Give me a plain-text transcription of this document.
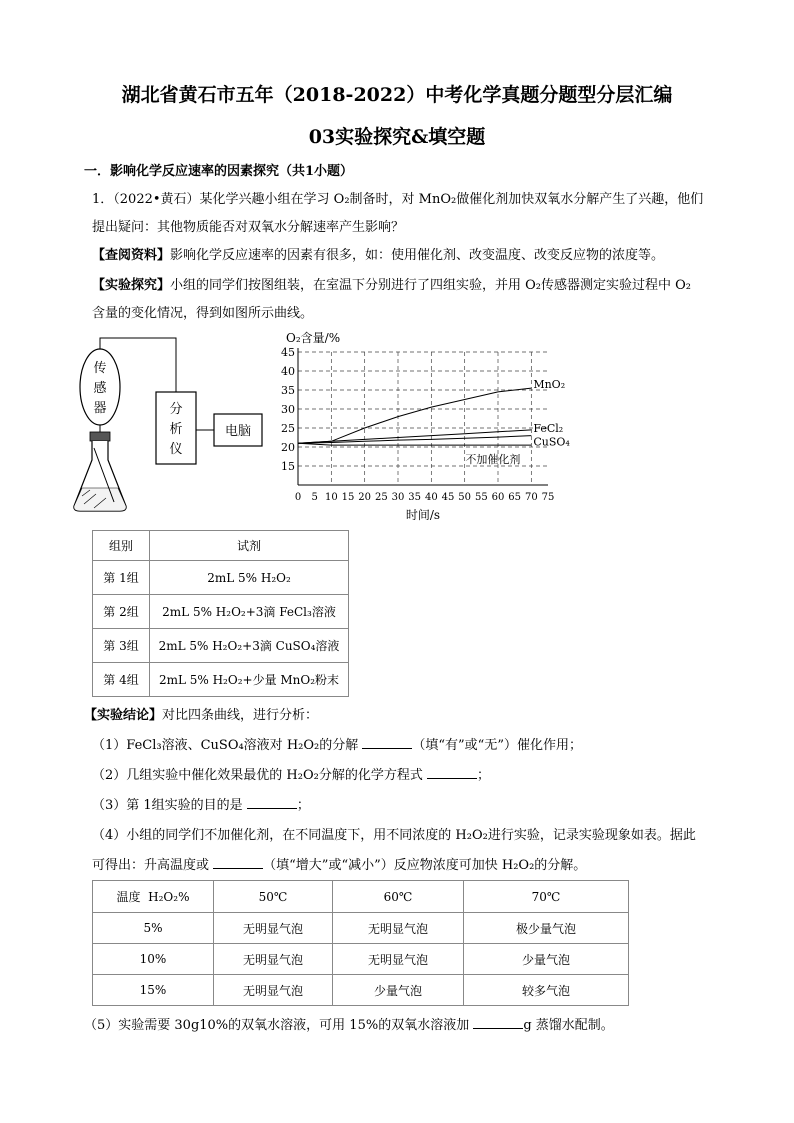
湖北省黄石市五年（2018-2022）中考化学真题分题型分层汇编
03实验探究&填空题
一．影响化学反应速率的因素探究（共1小题）
1．（2022•黄石）某化学兴趣小组在学习 O₂制备时，对 MnO₂做催化剂加快双氧水分解产生了兴趣，他们
提出疑问：其他物质能否对双氧水分解速率产生影响？
【查阅资料】影响化学反应速率的因素有很多，如：使用催化剂、改变温度、改变反应物的浓度等。
【实验探究】小组的同学们按图组装，在室温下分别进行了四组实验，并用 O₂传感器测定实验过程中 O₂
含量的变化情况，得到如图所示曲线。
传
感
器	分
析
仪
电脑
O₂含量/%
时间/s
15
20
25
30
35
40
45
0 5 10 15 20 25 30 35 40 45 50 55 60 65 70 75
MnO₂
FeCl₂
CuSO₄
不加催化剂
组别	试剂
第 1组	2mL 5% H₂O₂
第 2组	2mL 5% H₂O₂+3滴 FeCl₃溶液
第 3组	2mL 5% H₂O₂+3滴 CuSO₄溶液
第 4组	2mL 5% H₂O₂+少量 MnO₂粉末
【实验结论】对比四条曲线，进行分析：
（1）FeCl₃溶液、CuSO₄溶液对 H₂O₂的分解	（填“有”或“无”）催化作用；
（2）几组实验中催化效果最优的 H₂O₂分解的化学方程式	；
（3）第 1组实验的目的是	；
（4）小组的同学们不加催化剂，在不同温度下，用不同浓度的 H₂O₂进行实验，记录实验现象如表。据此
可得出：升高温度或	（填“增大”或“减小”）反应物浓度可加快 H₂O₂的分解。
温度 H₂O₂%	50℃	60℃	70℃
5%	无明显气泡	无明显气泡	极少量气泡
10%	无明显气泡	无明显气泡	少量气泡
15%	无明显气泡	少量气泡	较多气泡
（5）实验需要 30g10%的双氧水溶液，可用 15%的双氧水溶液加	g 蒸馏水配制。
